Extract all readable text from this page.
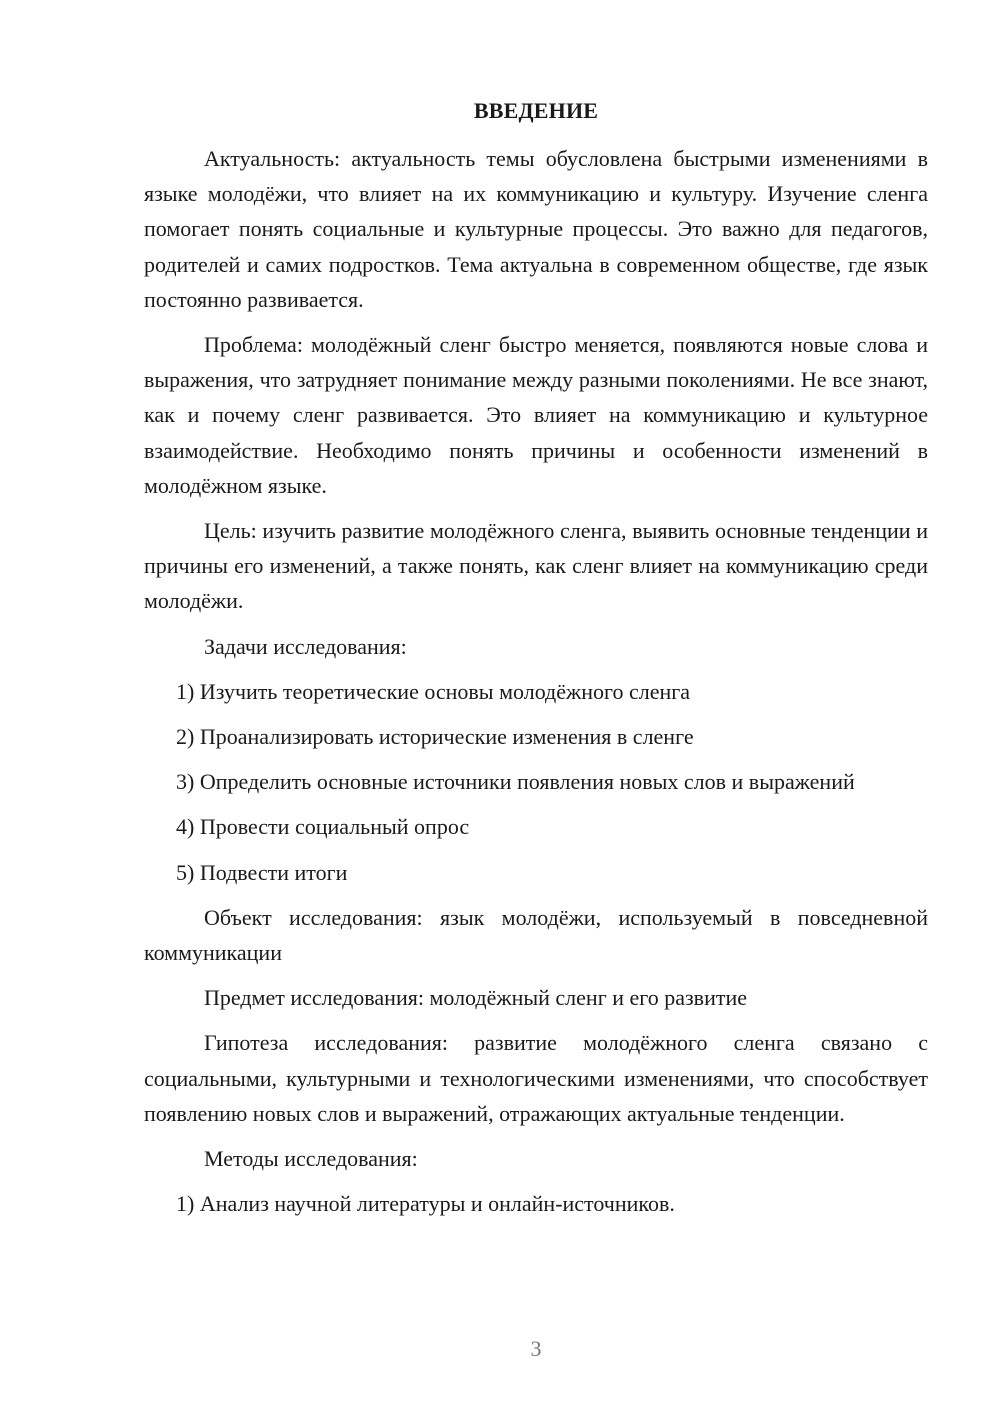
ВВЕДЕНИЕ

Актуальность: актуальность темы обусловлена быстрыми изменениями в языке молодёжи, что влияет на их коммуникацию и культуру. Изучение сленга помогает понять социальные и культурные процессы. Это важно для педагогов, родителей и самих подростков. Тема актуальна в современном обществе, где язык постоянно развивается.

Проблема: молодёжный сленг быстро меняется, появляются новые слова и выражения, что затрудняет понимание между разными поколениями. Не все знают, как и почему сленг развивается. Это влияет на коммуникацию и культурное взаимодействие. Необходимо понять причины и особенности изменений в молодёжном языке.

Цель: изучить развитие молодёжного сленга, выявить основные тенденции и причины его изменений, а также понять, как сленг влияет на коммуникацию среди молодёжи.

Задачи исследования:

1) Изучить теоретические основы молодёжного сленга

2) Проанализировать исторические изменения в сленге

3) Определить основные источники появления новых слов и выражений

4) Провести социальный опрос

5) Подвести итоги

Объект исследования: язык молодёжи, используемый в повседневной коммуникации

Предмет исследования: молодёжный сленг и его развитие

Гипотеза исследования: развитие молодёжного сленга связано с социальными, культурными и технологическими изменениями, что способствует появлению новых слов и выражений, отражающих актуальные тенденции.

Методы исследования:

1) Анализ научной литературы и онлайн-источников.

3
